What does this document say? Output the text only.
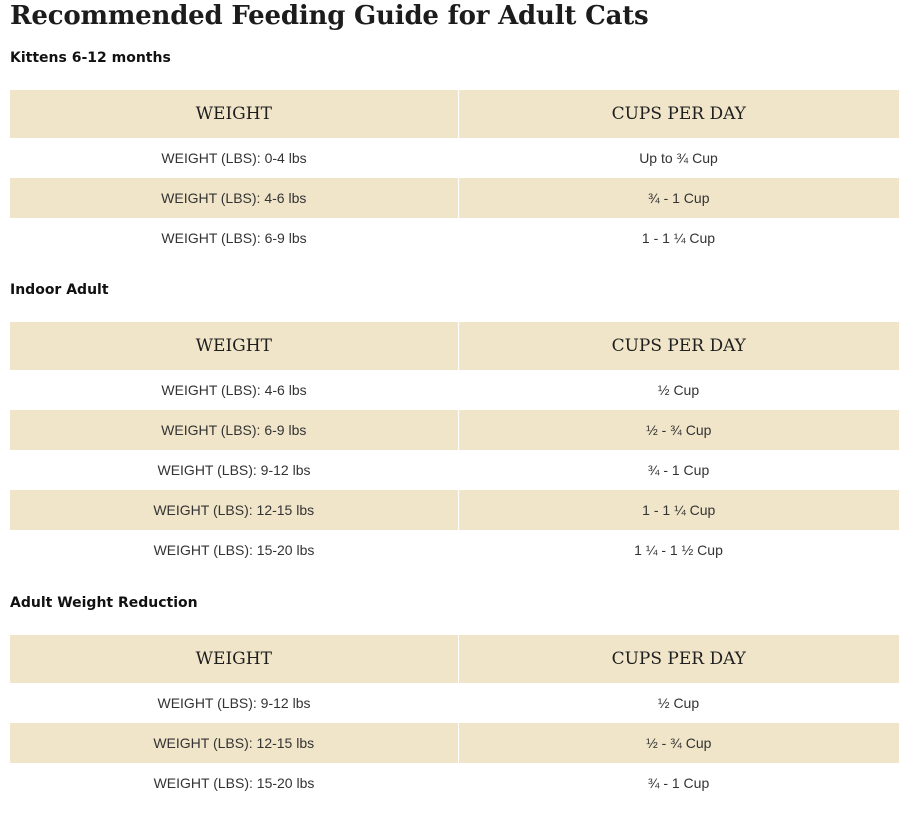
Recommended Feeding Guide for Adult Cats
Kittens 6-12 months
WEIGHT	CUPS PER DAY
WEIGHT (LBS): 0-4 lbs	Up to ¾ Cup
WEIGHT (LBS): 4-6 lbs	¾ - 1 Cup
WEIGHT (LBS): 6-9 lbs	1 - 1 ¼ Cup
Indoor Adult
WEIGHT	CUPS PER DAY
WEIGHT (LBS): 4-6 lbs	½ Cup
WEIGHT (LBS): 6-9 lbs	½ - ¾ Cup
WEIGHT (LBS): 9-12 lbs	¾ - 1 Cup
WEIGHT (LBS): 12-15 lbs	1 - 1 ¼ Cup
WEIGHT (LBS): 15-20 lbs	1 ¼ - 1 ½ Cup
Adult Weight Reduction
WEIGHT	CUPS PER DAY
WEIGHT (LBS): 9-12 lbs	½ Cup
WEIGHT (LBS): 12-15 lbs	½ - ¾ Cup
WEIGHT (LBS): 15-20 lbs	¾ - 1 Cup
